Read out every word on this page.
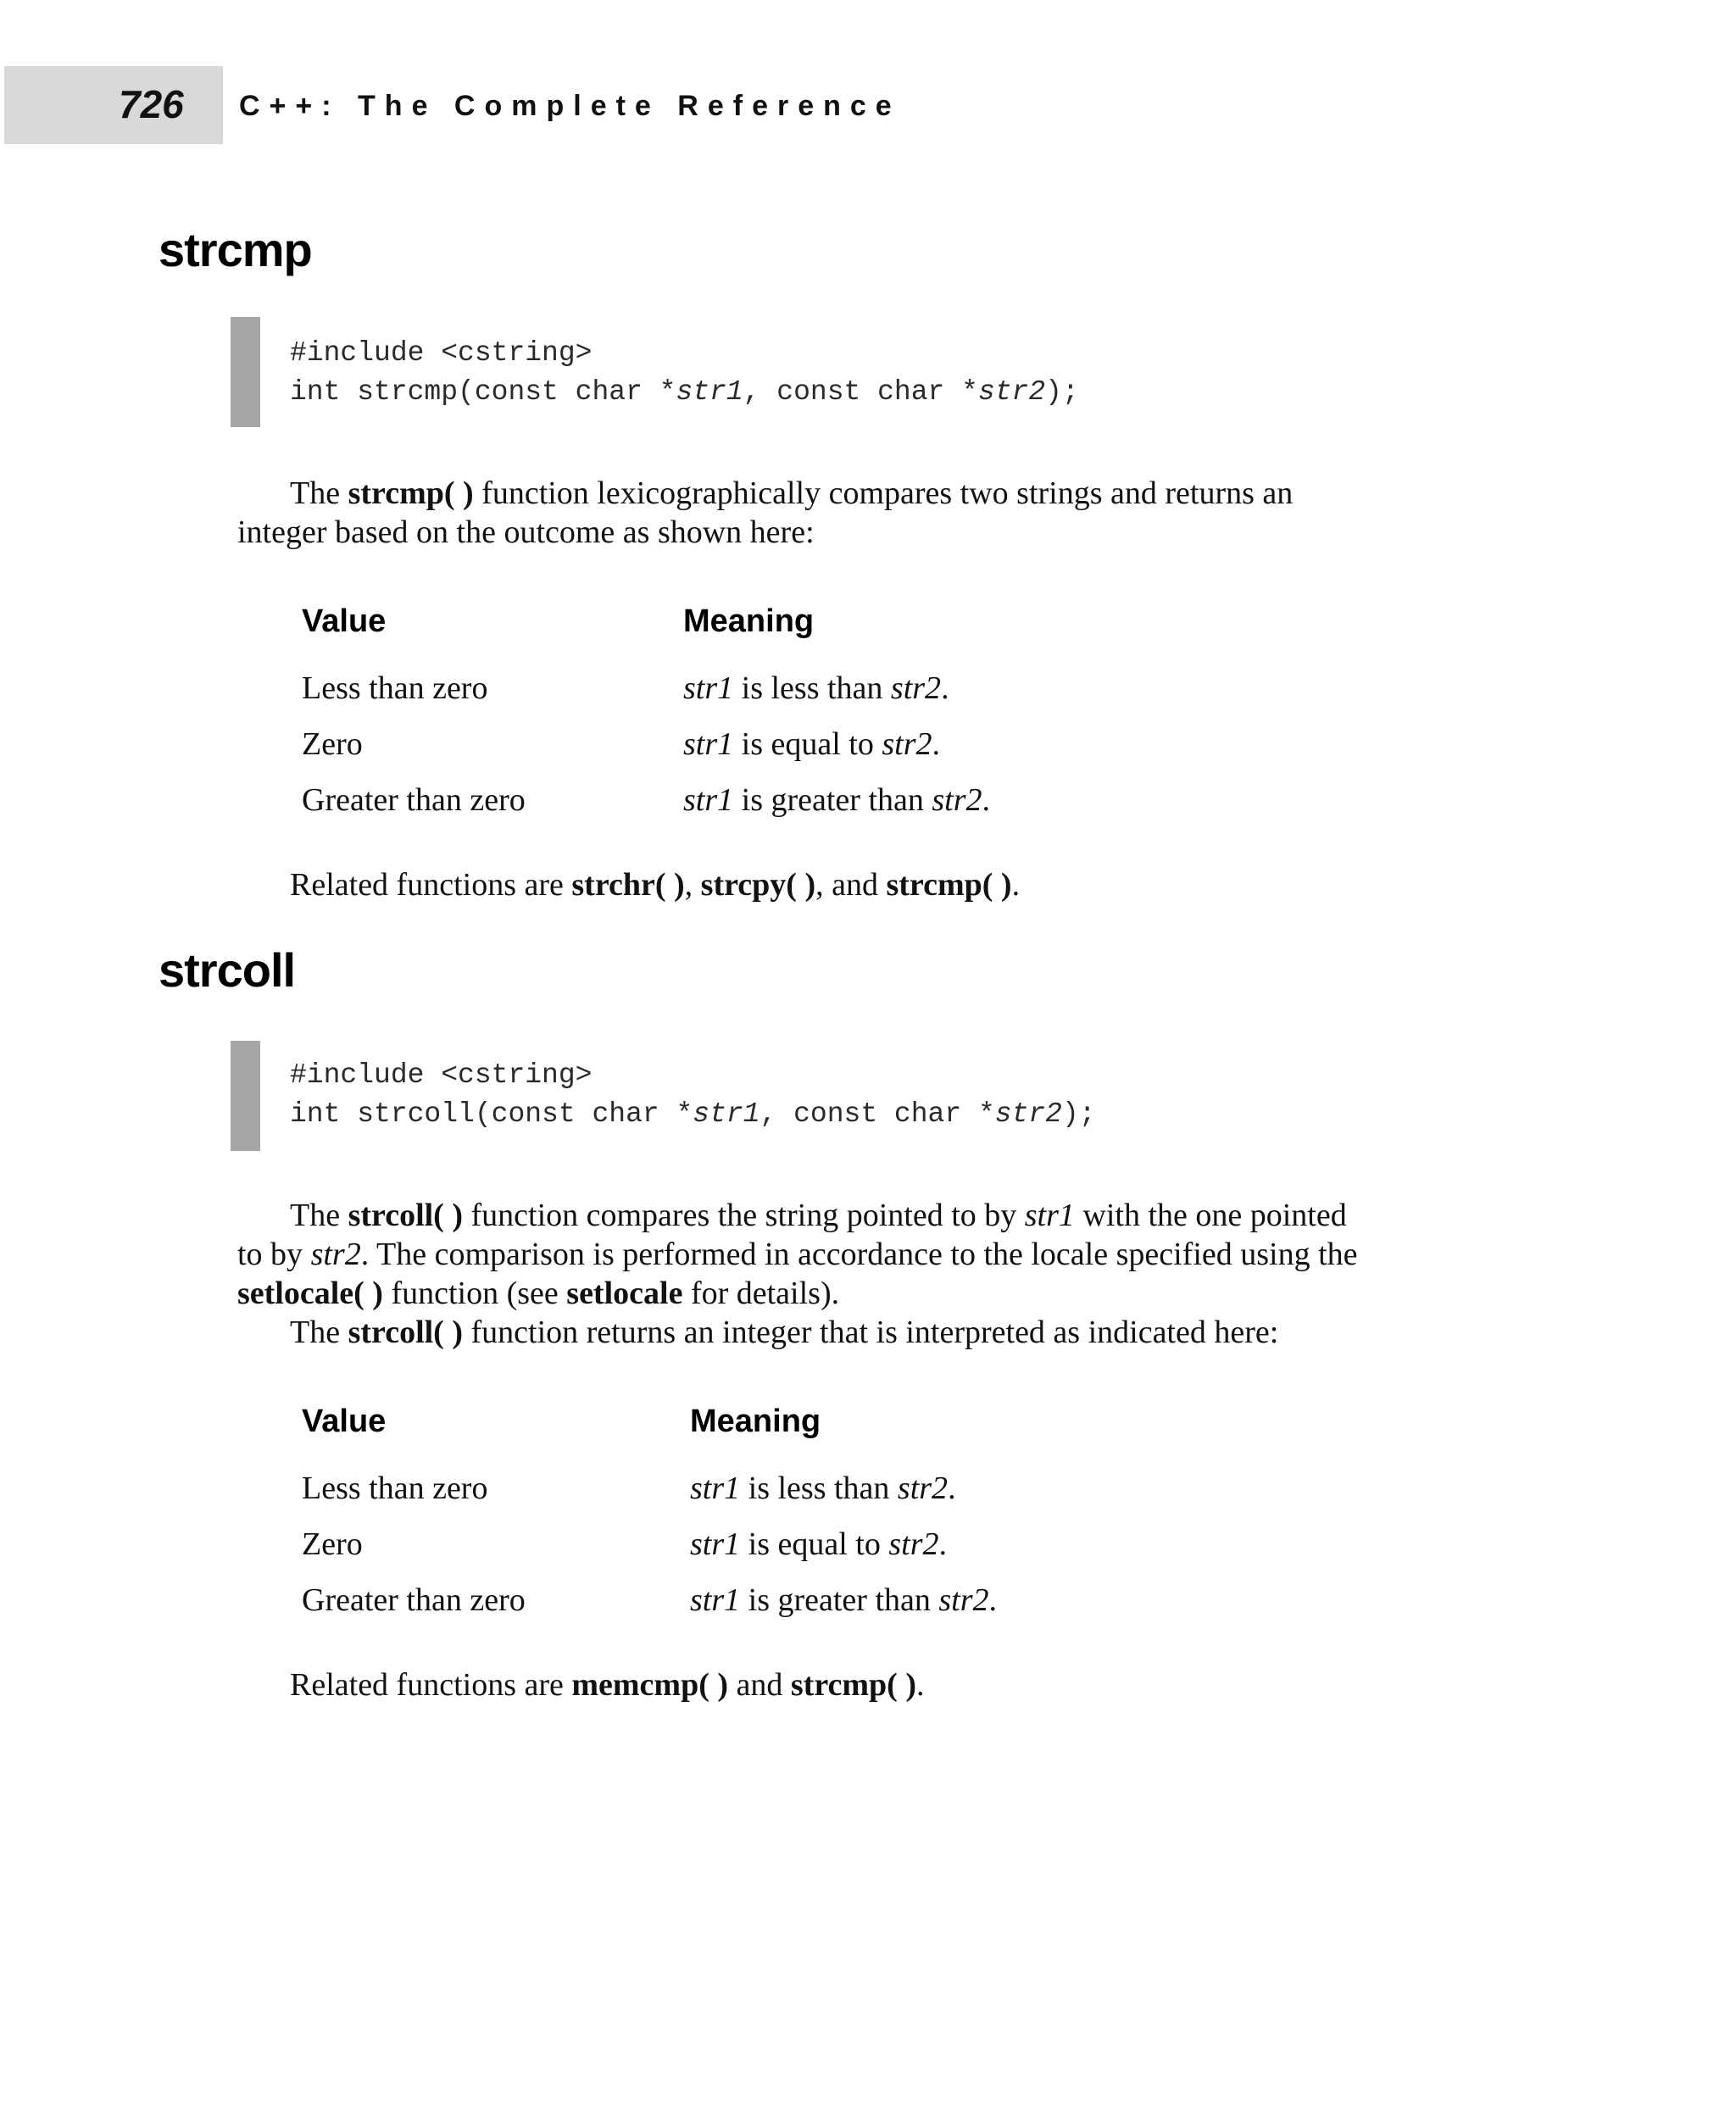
726 C++: The Complete Reference
strcmp
#include <cstring>
int strcmp(const char *str1, const char *str2);
The strcmp( ) function lexicographically compares two strings and returns an
integer based on the outcome as shown here:
Value	Meaning
Less than zero	str1 is less than str2.
Zero	str1 is equal to str2.
Greater than zero	str1 is greater than str2.
Related functions are strchr( ), strcpy( ), and strcmp( ).
strcoll
#include <cstring>
int strcoll(const char *str1, const char *str2);
The strcoll( ) function compares the string pointed to by str1 with the one pointed
to by str2. The comparison is performed in accordance to the locale specified using the
setlocale( ) function (see setlocale for details).
The strcoll( ) function returns an integer that is interpreted as indicated here:
Value	Meaning
Less than zero	str1 is less than str2.
Zero	str1 is equal to str2.
Greater than zero	str1 is greater than str2.
Related functions are memcmp( ) and strcmp( ).
